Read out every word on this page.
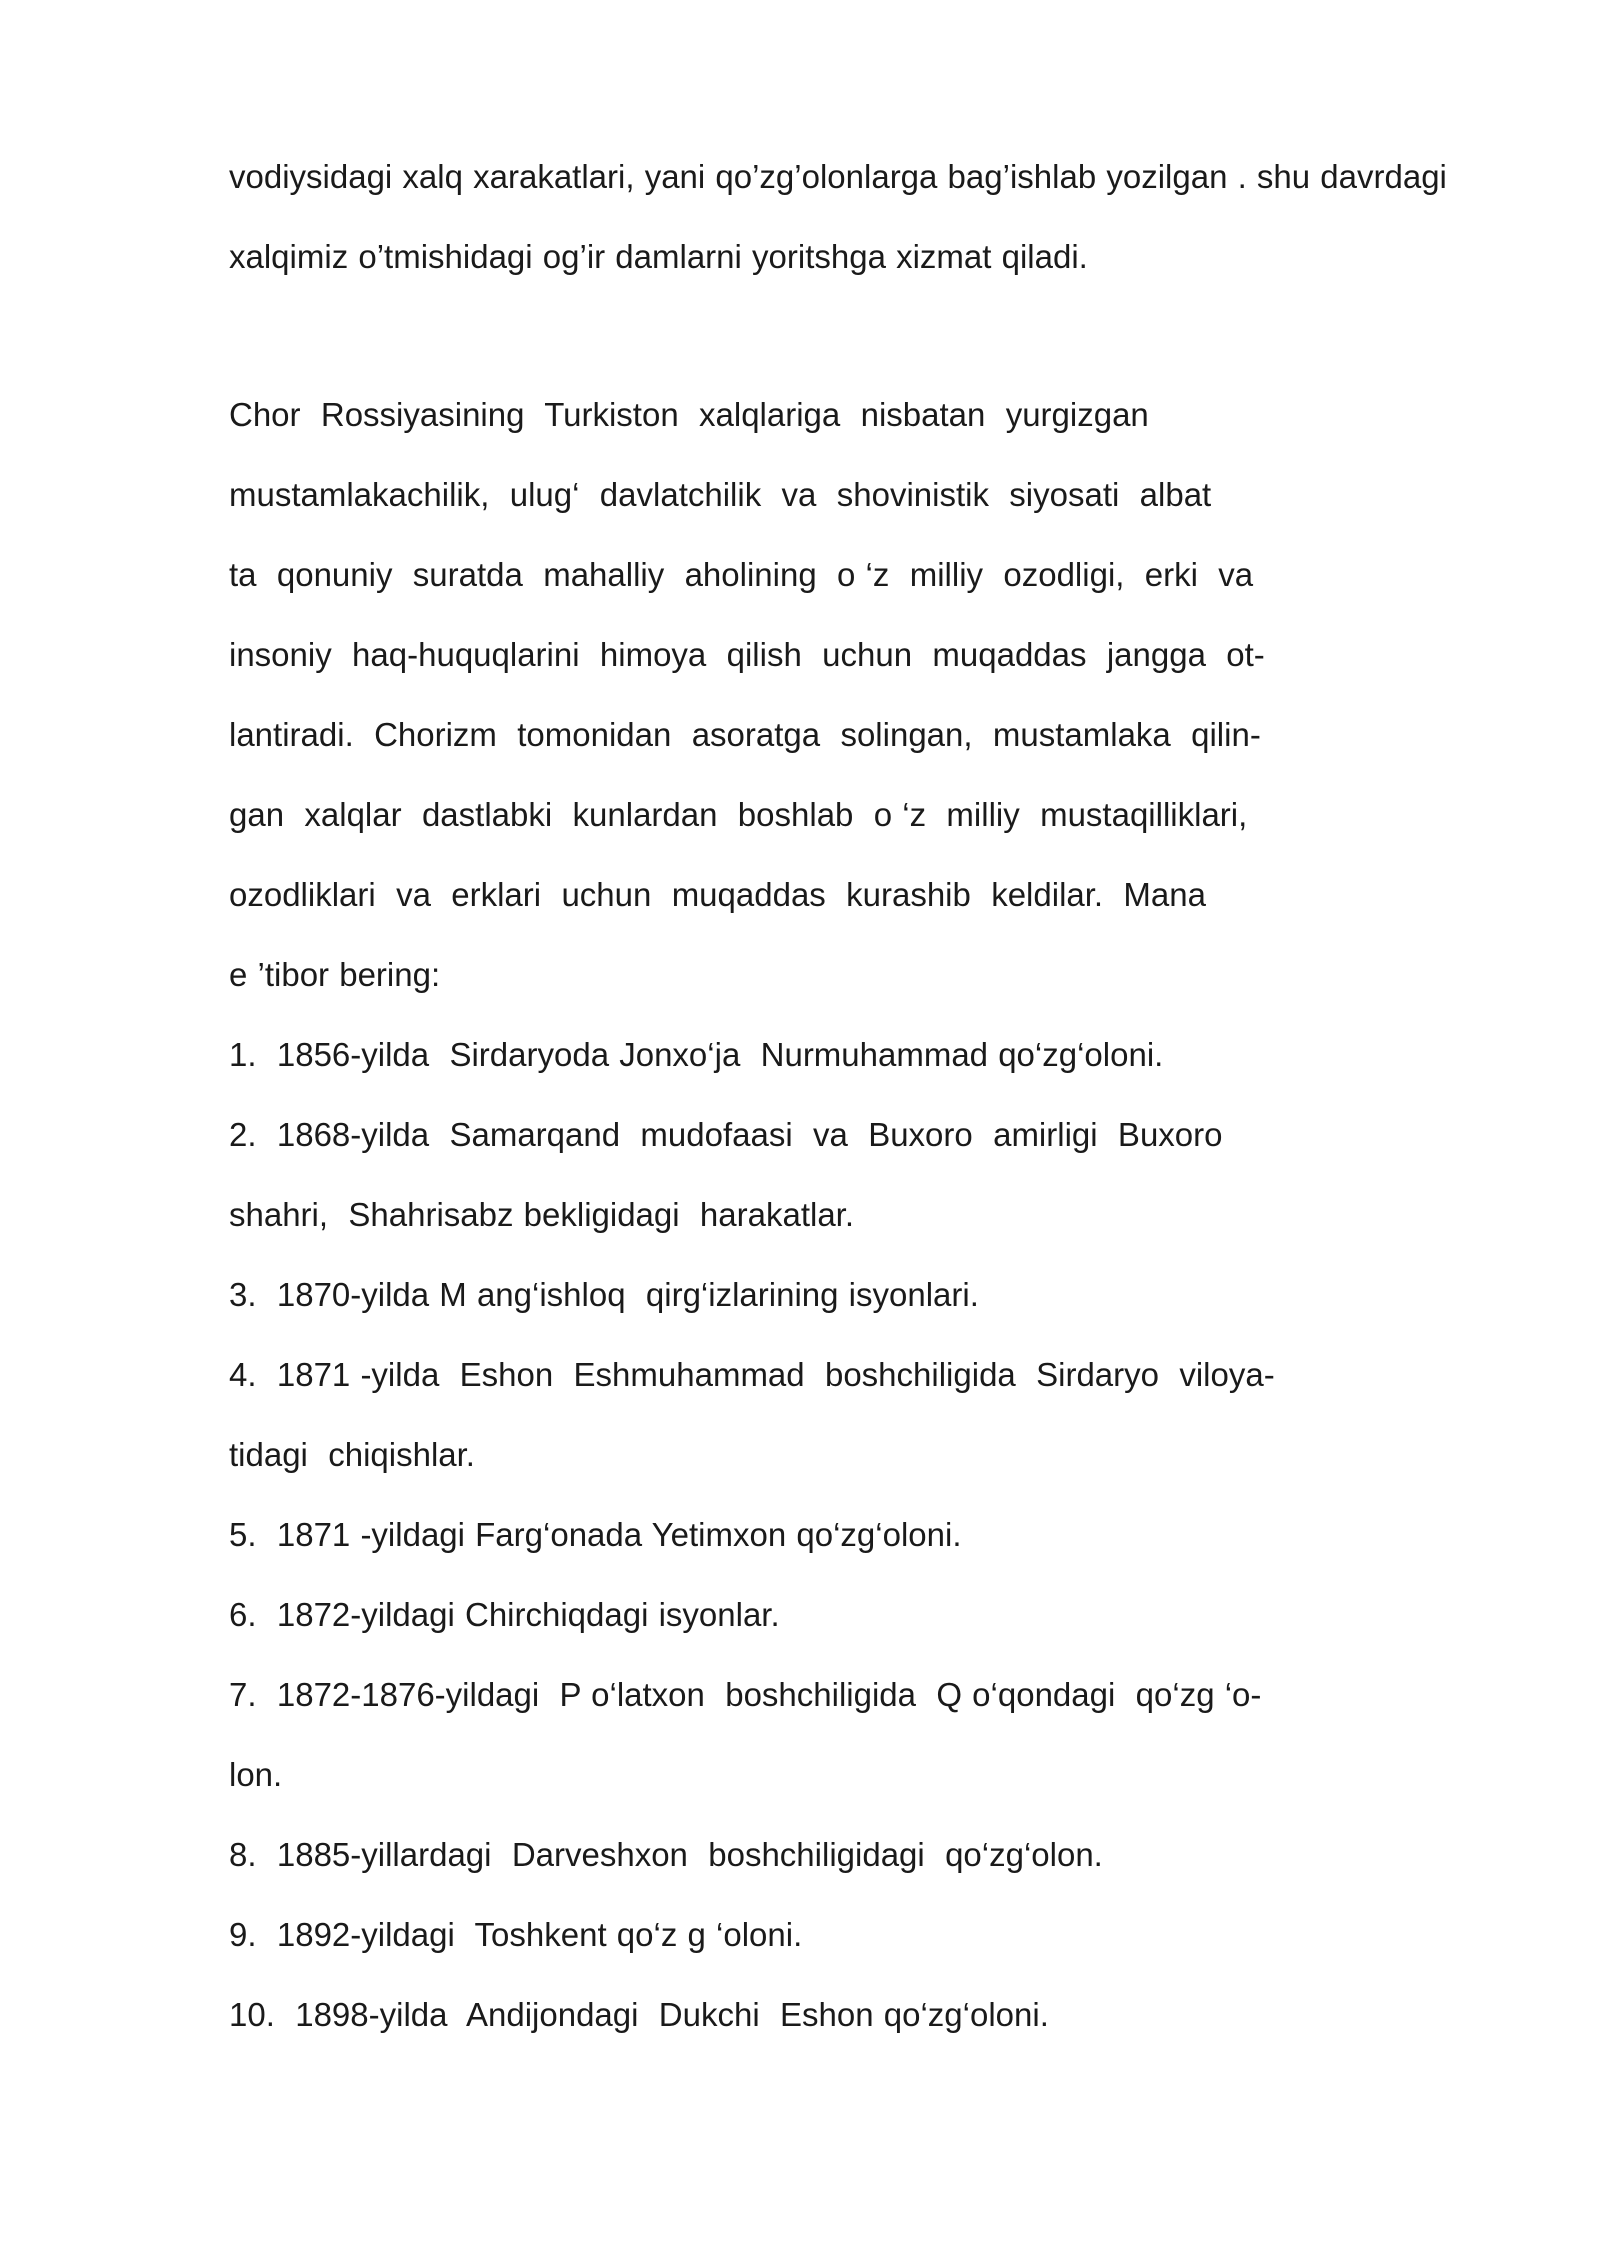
vodiysidagi xalq xarakatlari, yani qo’zg’olonlarga bag’ishlab yozilgan . shu davrdagi
xalqimiz o’tmishidagi og’ir damlarni yoritshga xizmat qiladi.
Chor  Rossiyasining  Turkiston  xalqlariga  nisbatan  yurgizgan
mustamlakachilik,  ulug‘  davlatchilik  va  shovinistik  siyosati  albat
ta  qonuniy  suratda  mahalliy  aholining  o ‘z  milliy  ozodligi,  erki  va
insoniy  haq-huquqlarini  himoya  qilish  uchun  muqaddas  jangga  ot-
lantiradi.  Chorizm  tomonidan  asoratga  solingan,  mustamlaka  qilin-
gan  xalqlar  dastlabki  kunlardan  boshlab  o ‘z  milliy  mustaqilliklari,
ozodliklari  va  erklari  uchun  muqaddas  kurashib  keldilar.  Mana
e ’tibor bering:
1.  1856-yilda  Sirdaryoda Jonxo‘ja  Nurmuhammad qo‘zg‘oloni.
2.  1868-yilda  Samarqand  mudofaasi  va  Buxoro  amirligi  Buxoro
shahri,  Shahrisabz bekligidagi  harakatlar.
3.  1870-yilda M ang‘ishloq  qirg‘izlarining isyonlari.
4.  1871 -yilda  Eshon  Eshmuhammad  boshchiligida  Sirdaryo  viloya-
tidagi  chiqishlar.
5.  1871 -yildagi Farg‘onada Yetimxon qo‘zg‘oloni.
6.  1872-yildagi Chirchiqdagi isyonlar.
7.  1872-1876-yildagi  P o‘latxon  boshchiligida  Q o‘qondagi  qo‘zg ‘o-
lon.
8.  1885-yillardagi  Darveshxon  boshchiligidagi  qo‘zg‘olon.
9.  1892-yildagi  Toshkent qo‘z g ‘oloni.
10.  1898-yilda  Andijondagi  Dukchi  Eshon qo‘zg‘oloni.
